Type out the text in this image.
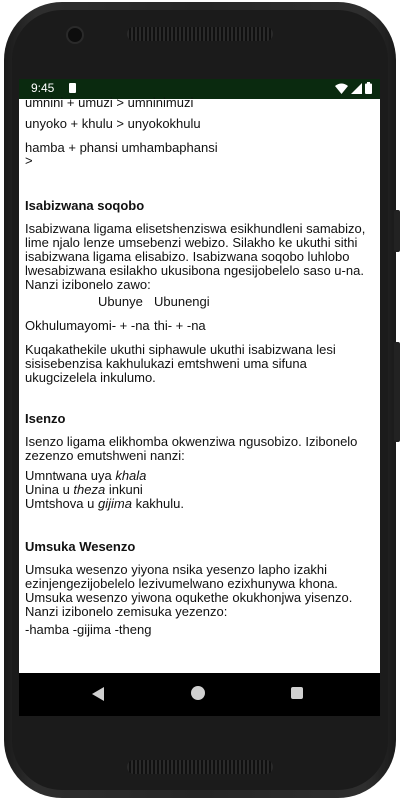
9:45

umnini + umuzi > umninimuzi

unyoko + khulu > unyokokhulu

hamba + phansi umhambaphansi

>

Isabizwana soqobo

Isabizwana ligama elisetshenziswa esikhundleni samabizo,

lime njalo lenze umsebenzi webizo. Silakho ke ukuthi sithi

isabizwana ligama elisabizo. Isabizwana soqobo luhlobo

lwesabizwana esilakho ukusibona ngesijobelelo saso u-na.

Nanzi izibonelo zawo:

Ubunye Ubunengi
Okhulumayo mi- + -na thi- + -na

Kuqakathekile ukuthi siphawule ukuthi isabizwana lesi

sisisebenzisa kakhulukazi emtshweni uma sifuna

ukugcizelela inkulumo.

Isenzo

Isenzo ligama elikhomba okwenziwa ngusobizo. Izibonelo

zezenzo emutshweni nanzi:

Umntwana uya khala

Unina u theza inkuni

Umtshova u gijima kakhulu.

Umsuka Wesenzo

Umsuka wesenzo yiyona nsika yesenzo lapho izakhi

ezinjengezijobelelo lezivumelwano ezixhunywa khona.

Umsuka wesenzo yiwona oqukethe okukhonjwa yisenzo.

Nanzi izibonelo zemisuka yezenzo:

-hamba -gijima -theng
